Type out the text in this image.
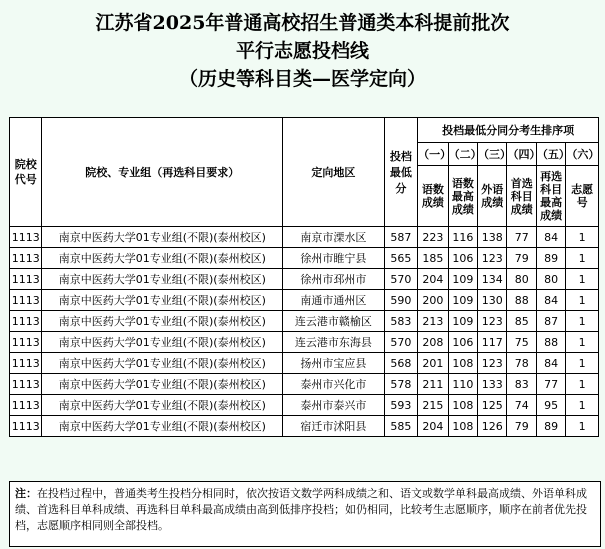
江苏省2025年普通高校招生普通类本科提前批次
平行志愿投档线
（历史等科目类—医学定向）
院校代号	院校、专业组（再选科目要求）	定向地区	投档最低分	投档最低分同分考生排序项					
				（一）	（二）	（三）	（四）	（五）	（六）
				语数成绩	语数最高成绩	外语成绩	首选科目成绩	再选科目最高成绩	志愿号
1113	南京中医药大学01专业组(不限)(泰州校区)	南京市溧水区	587	223	116	138	77	84	1
1113	南京中医药大学01专业组(不限)(泰州校区)	徐州市睢宁县	565	185	106	123	79	89	1
1113	南京中医药大学01专业组(不限)(泰州校区)	徐州市邳州市	570	204	109	134	80	80	1
1113	南京中医药大学01专业组(不限)(泰州校区)	南通市通州区	590	200	109	130	88	84	1
1113	南京中医药大学01专业组(不限)(泰州校区)	连云港市赣榆区	583	213	109	123	85	87	1
1113	南京中医药大学01专业组(不限)(泰州校区)	连云港市东海县	570	208	106	117	75	88	1
1113	南京中医药大学01专业组(不限)(泰州校区)	扬州市宝应县	568	201	108	123	78	84	1
1113	南京中医药大学01专业组(不限)(泰州校区)	泰州市兴化市	578	211	110	133	83	77	1
1113	南京中医药大学01专业组(不限)(泰州校区)	泰州市泰兴市	593	215	108	125	74	95	1
1113	南京中医药大学01专业组(不限)(泰州校区)	宿迁市沭阳县	585	204	108	126	79	89	1
注：在投档过程中，普通类考生投档分相同时，依次按语文数学两科成绩之和、语文或数学单科最高成绩、外语单科成绩、首选科目单科成绩、再选科目单科最高成绩由高到低排序投档；如仍相同，比较考生志愿顺序，顺序在前者优先投档，志愿顺序相同则全部投档。
